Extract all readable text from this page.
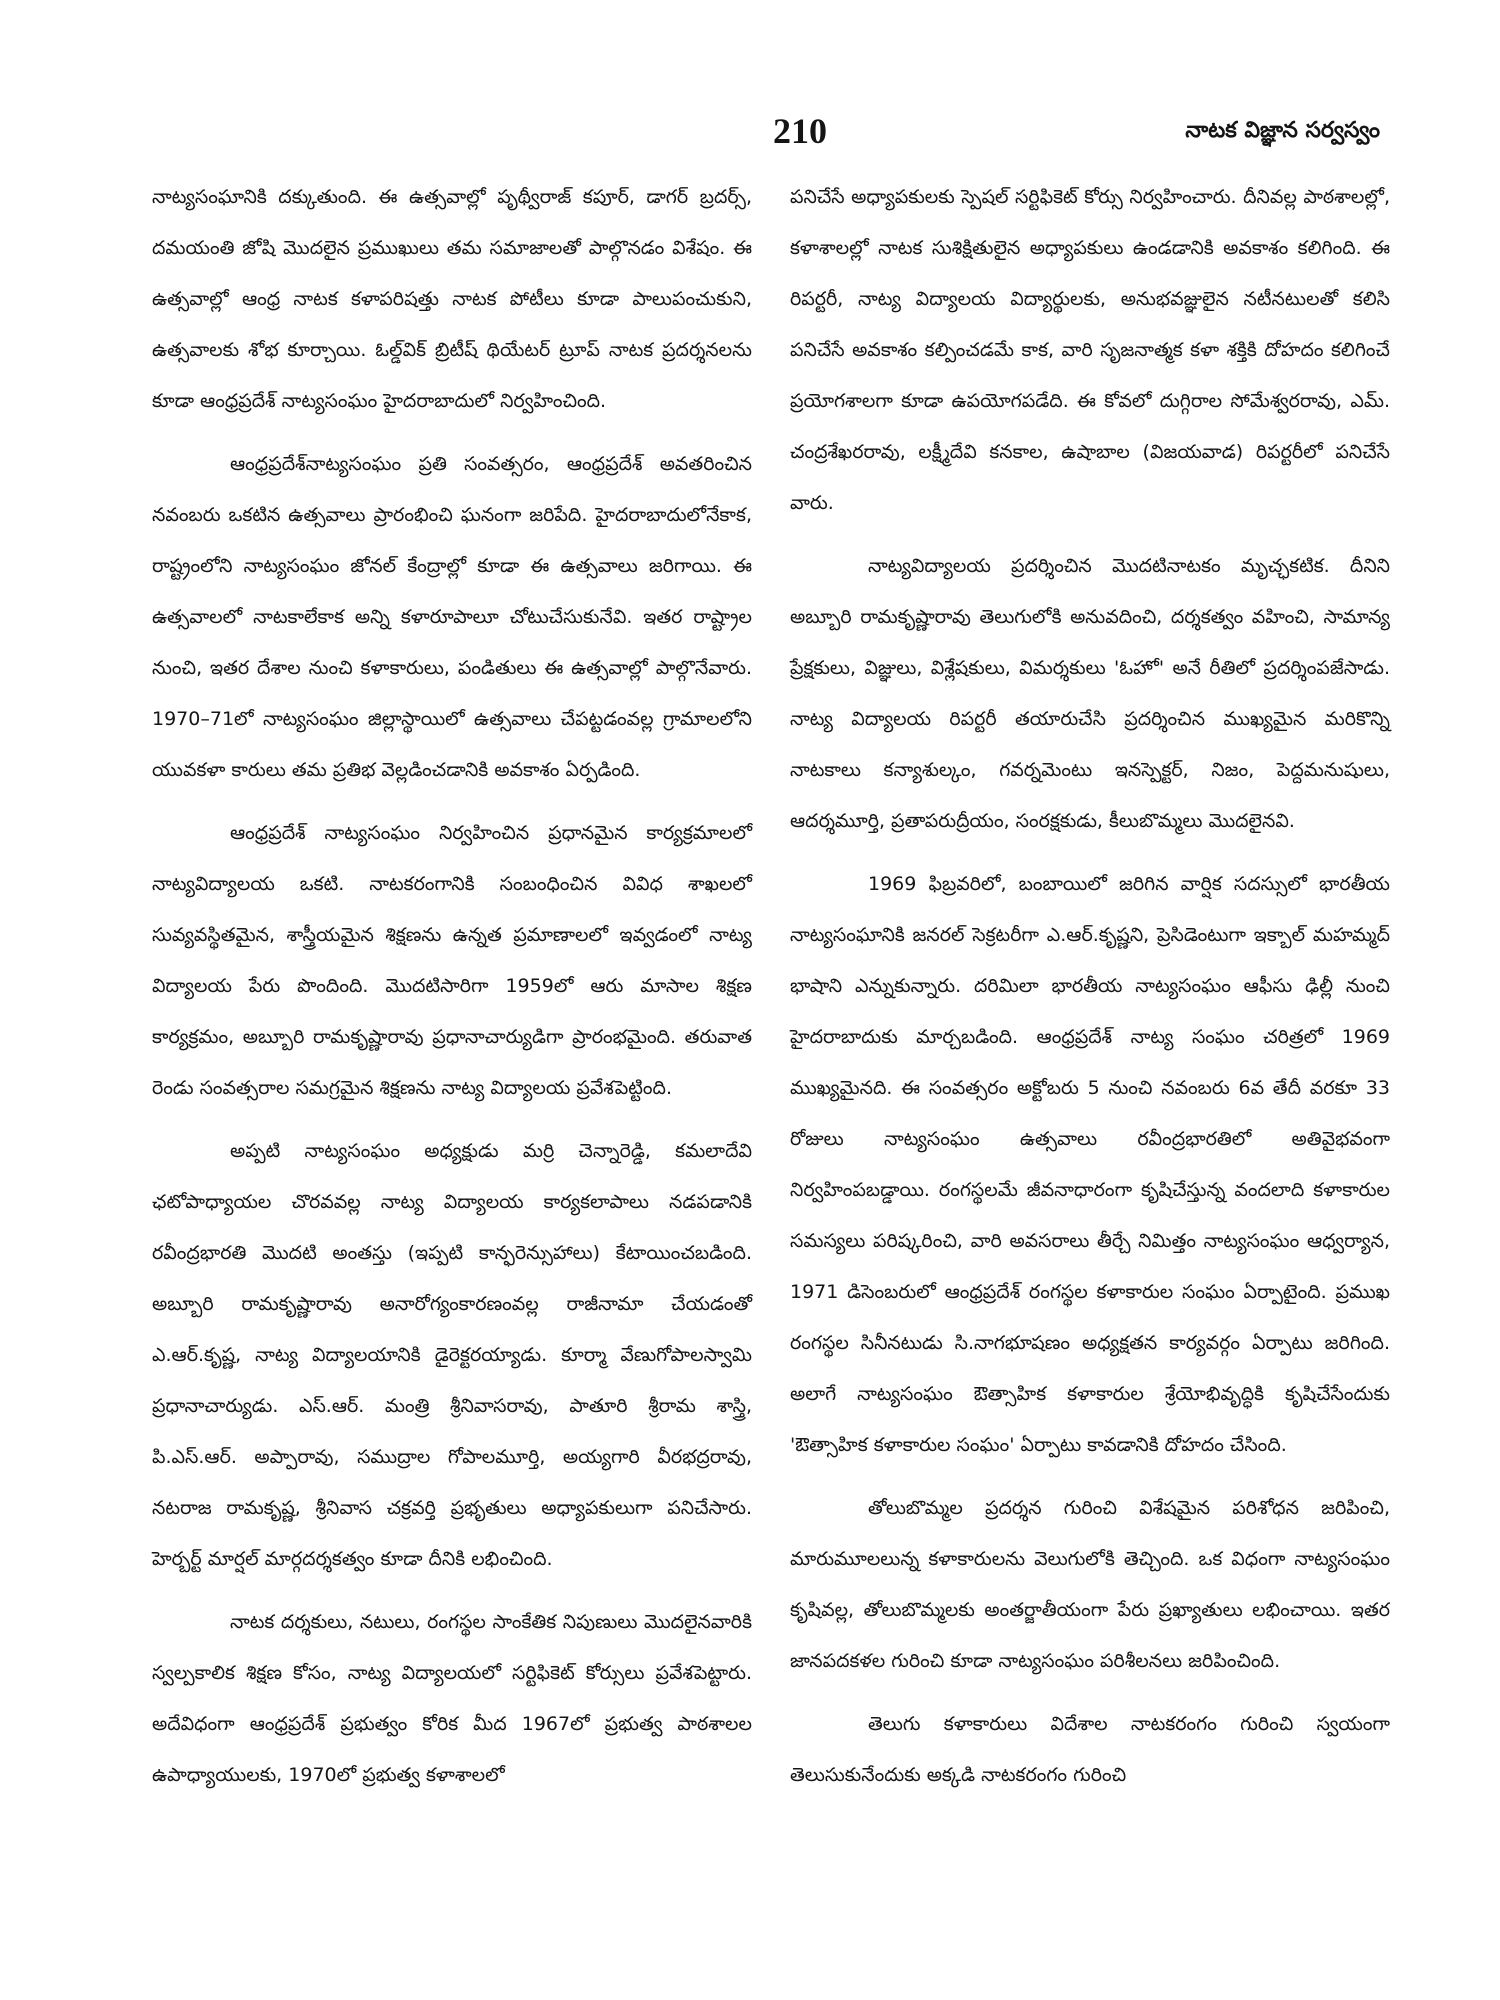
210	నాటక విజ్ఞాన సర్వస్వం

నాట్యసంఘానికి దక్కుతుంది. ఈ ఉత్సవాల్లో పృథ్వీరాజ్ కపూర్, డాగర్ బ్రదర్స్, దమయంతి జోషి మొదలైన ప్రముఖులు తమ సమాజాలతో పాల్గొనడం విశేషం. ఈ ఉత్సవాల్లో ఆంధ్ర నాటక కళాపరిషత్తు నాటక పోటీలు కూడా పాలుపంచుకుని, ఉత్సవాలకు శోభ కూర్చాయి. ఓల్డ్‌విక్ బ్రిటీష్ థియేటర్ ట్రూప్ నాటక ప్రదర్శనలను కూడా ఆంధ్రప్రదేశ్ నాట్యసంఘం హైదరాబాదులో నిర్వహించింది.

ఆంధ్రప్రదేశ్‌నాట్యసంఘం ప్రతి సంవత్సరం, ఆంధ్రప్రదేశ్ అవతరించిన నవంబరు ఒకటిన ఉత్సవాలు ప్రారంభించి ఘనంగా జరిపేది. హైదరాబాదులోనేకాక, రాష్ట్రంలోని నాట్యసంఘం జోనల్ కేంద్రాల్లో కూడా ఈ ఉత్సవాలు జరిగాయి. ఈ ఉత్సవాలలో నాటకాలేకాక అన్ని కళారూపాలూ చోటుచేసుకునేవి. ఇతర రాష్ట్రాల నుంచి, ఇతర దేశాల నుంచి కళాకారులు, పండితులు ఈ ఉత్సవాల్లో పాల్గొనేవారు. 1970–71లో నాట్యసంఘం జిల్లాస్థాయిలో ఉత్సవాలు చేపట్టడంవల్ల గ్రామాలలోని యువకళా కారులు తమ ప్రతిభ వెల్లడించడానికి అవకాశం ఏర్పడింది.

ఆంధ్రప్రదేశ్ నాట్యసంఘం నిర్వహించిన ప్రధానమైన కార్యక్రమాలలో నాట్యవిద్యాలయ ఒకటి. నాటకరంగానికి సంబంధించిన వివిధ శాఖలలో సువ్యవస్థితమైన, శాస్త్రీయమైన శిక్షణను ఉన్నత ప్రమాణాలలో ఇవ్వడంలో నాట్య విద్యాలయ పేరు పొందింది. మొదటిసారిగా 1959లో ఆరు మాసాల శిక్షణ కార్యక్రమం, అబ్బూరి రామకృష్ణారావు ప్రధానాచార్యుడిగా ప్రారంభమైంది. తరువాత రెండు సంవత్సరాల సమగ్రమైన శిక్షణను నాట్య విద్యాలయ ప్రవేశపెట్టింది.

అప్పటి నాట్యసంఘం అధ్యక్షుడు మర్రి చెన్నారెడ్డి, కమలాదేవి ఛటోపాధ్యాయల చొరవవల్ల నాట్య విద్యాలయ కార్యకలాపాలు నడపడానికి రవీంద్రభారతి మొదటి అంతస్తు (ఇప్పటి కాన్ఫరెన్సుహాలు) కేటాయించబడింది. అబ్బూరి రామకృష్ణారావు అనారోగ్యంకారణంవల్ల రాజీనామా చేయడంతో ఎ.ఆర్.కృష్ణ, నాట్య విద్యాలయానికి డైరెక్టరయ్యాడు. కూర్మా వేణుగోపాలస్వామి ప్రధానాచార్యుడు. ఎస్.ఆర్. మంత్రి శ్రీనివాసరావు, పాతూరి శ్రీరామ శాస్త్రి, పి.ఎస్.ఆర్. అప్పారావు, సముద్రాల గోపాలమూర్తి, అయ్యగారి వీరభద్రరావు, నటరాజ రామకృష్ణ, శ్రీనివాస చక్రవర్తి ప్రభృతులు అధ్యాపకులుగా పనిచేసారు. హెర్బర్ట్ మార్షల్ మార్గదర్శకత్వం కూడా దీనికి లభించింది.

నాటక దర్శకులు, నటులు, రంగస్థల సాంకేతిక నిపుణులు మొదలైనవారికి స్వల్పకాలిక శిక్షణ కోసం, నాట్య విద్యాలయలో సర్టిఫికెట్ కోర్సులు ప్రవేశపెట్టారు. అదేవిధంగా ఆంధ్రప్రదేశ్ ప్రభుత్వం కోరిక మీద 1967లో ప్రభుత్వ పాఠశాలల ఉపాధ్యాయులకు, 1970లో ప్రభుత్వ కళాశాలలో

పనిచేసే అధ్యాపకులకు స్పెషల్ సర్టిఫికెట్ కోర్సు నిర్వహించారు. దీనివల్ల పాఠశాలల్లో, కళాశాలల్లో నాటక సుశిక్షితులైన అధ్యాపకులు ఉండడానికి అవకాశం కలిగింది. ఈ రిపర్టరీ, నాట్య విద్యాలయ విద్యార్థులకు, అనుభవజ్ఞులైన నటీనటులతో కలిసి పనిచేసే అవకాశం కల్పించడమే కాక, వారి సృజనాత్మక కళా శక్తికి దోహదం కలిగించే ప్రయోగశాలగా కూడా ఉపయోగపడేది. ఈ కోవలో దుగ్గిరాల సోమేశ్వరరావు, ఎమ్. చంద్రశేఖరరావు, లక్ష్మీదేవి కనకాల, ఉషాబాల (విజయవాడ) రిపర్టరీలో పనిచేసే వారు.

నాట్యవిద్యాలయ ప్రదర్శించిన మొదటినాటకం మృచ్ఛకటిక. దీనిని అబ్బూరి రామకృష్ణారావు తెలుగులోకి అనువదించి, దర్శకత్వం వహించి, సామాన్య ప్రేక్షకులు, విజ్ఞులు, విశ్లేషకులు, విమర్శకులు 'ఓహో' అనే రీతిలో ప్రదర్శింపజేసాడు. నాట్య విద్యాలయ రిపర్టరీ తయారుచేసి ప్రదర్శించిన ముఖ్యమైన మరికొన్ని నాటకాలు కన్యాశుల్కం, గవర్నమెంటు ఇనస్పెక్టర్, నిజం, పెద్దమనుషులు, ఆదర్శమూర్తి, ప్రతాపరుద్రీయం, సంరక్షకుడు, కీలుబొమ్మలు మొదలైనవి.

1969 ఫిబ్రవరిలో, బంబాయిలో జరిగిన వార్షిక సదస్సులో భారతీయ నాట్యసంఘానికి జనరల్ సెక్రటరీగా ఎ.ఆర్.కృష్ణని, ప్రెసిడెంటుగా ఇక్బాల్ మహమ్మద్ భాషాని ఎన్నుకున్నారు. దరిమిలా భారతీయ నాట్యసంఘం ఆఫీసు ఢిల్లీ నుంచి హైదరాబాదుకు మార్చబడింది. ఆంధ్రప్రదేశ్ నాట్య సంఘం చరిత్రలో 1969 ముఖ్యమైనది. ఈ సంవత్సరం అక్టోబరు 5 నుంచి నవంబరు 6వ తేదీ వరకూ 33 రోజులు నాట్యసంఘం ఉత్సవాలు రవీంద్రభారతిలో అతివైభవంగా నిర్వహింపబడ్డాయి. రంగస్థలమే జీవనాధారంగా కృషిచేస్తున్న వందలాది కళాకారుల సమస్యలు పరిష్కరించి, వారి అవసరాలు తీర్చే నిమిత్తం నాట్యసంఘం ఆధ్వర్యాన, 1971 డిసెంబరులో ఆంధ్రప్రదేశ్ రంగస్థల కళాకారుల సంఘం ఏర్పాటైంది. ప్రముఖ రంగస్థల సినీనటుడు సి.నాగభూషణం అధ్యక్షతన కార్యవర్గం ఏర్పాటు జరిగింది. అలాగే నాట్యసంఘం ఔత్సాహిక కళాకారుల శ్రేయోభివృద్ధికి కృషిచేసేందుకు 'ఔత్సాహిక కళాకారుల సంఘం' ఏర్పాటు కావడానికి దోహదం చేసింది.

తోలుబొమ్మల ప్రదర్శన గురించి విశేషమైన పరిశోధన జరిపించి, మారుమూలలున్న కళాకారులను వెలుగులోకి తెచ్చింది. ఒక విధంగా నాట్యసంఘం కృషివల్ల, తోలుబొమ్మలకు అంతర్జాతీయంగా పేరు ప్రఖ్యాతులు లభించాయి. ఇతర జానపదకళల గురించి కూడా నాట్యసంఘం పరిశీలనలు జరిపించింది.

తెలుగు కళాకారులు విదేశాల నాటకరంగం గురించి స్వయంగా తెలుసుకునేందుకు అక్కడి నాటకరంగం గురించి
